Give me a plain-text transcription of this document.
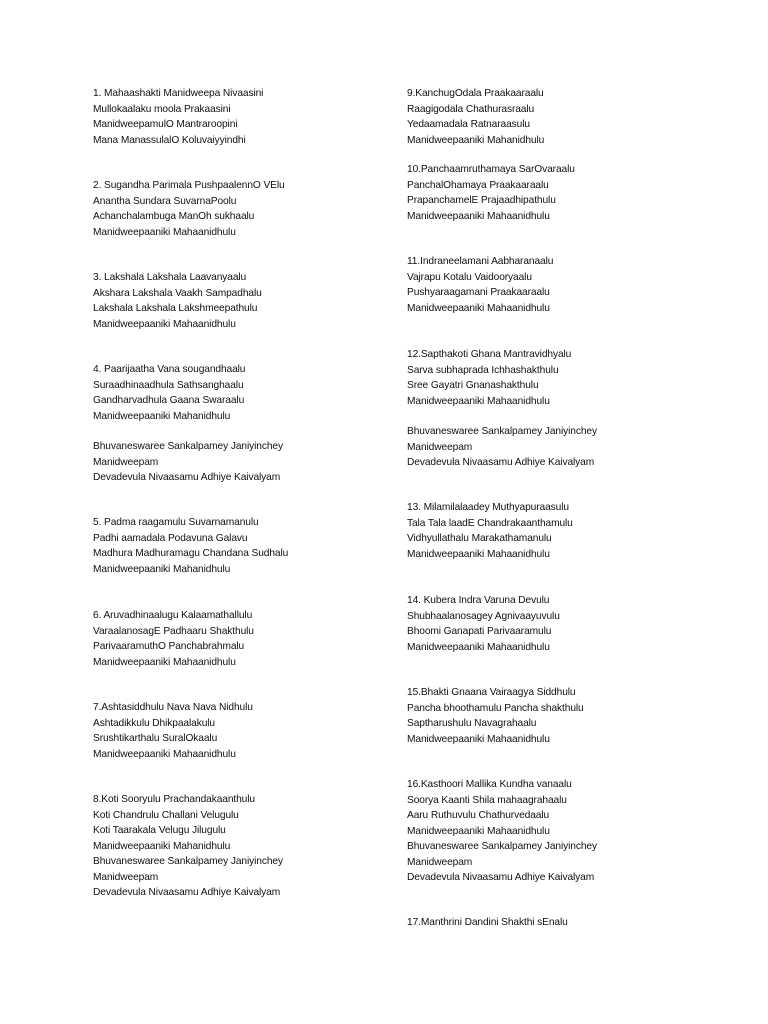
1. Mahaashakti Manidweepa Nivaasini
Mullokaalaku moola Prakaasini
ManidweepamulO Mantraroopini
Mana ManassulalO Koluvaiyyindhi
2. Sugandha Parimala PushpaalennO VElu
Anantha Sundara SuvarnaPoolu
Achanchalambuga ManOh sukhaalu
Manidweepaaniki Mahaanidhulu
3. Lakshala Lakshala Laavanyaalu
Akshara Lakshala Vaakh Sampadhalu
Lakshala Lakshala Lakshmeepathulu
Manidweepaaniki Mahaanidhulu
4. Paarijaatha Vana sougandhaalu
Suraadhinaadhula Sathsanghaalu
Gandharvadhula Gaana Swaraalu
Manidweepaaniki Mahanidhulu
Bhuvaneswaree Sankalpamey Janiyinchey
Manidweepam
Devadevula Nivaasamu Adhiye Kaivalyam
5. Padma raagamulu Suvarnamanulu
Padhi aamadala Podavuna Galavu
Madhura Madhuramagu Chandana Sudhalu
Manidweepaaniki Mahanidhulu
6. Aruvadhinaalugu Kalaamathallulu
VaraalanosagE Padhaaru Shakthulu
ParivaaramuthO Panchabrahmalu
Manidweepaaniki Mahaanidhulu
7.Ashtasiddhulu Nava Nava Nidhulu
Ashtadikkulu Dhikpaalakulu
Srushtikarthalu SuralOkaalu
Manidweepaaniki Mahaanidhulu
8.Koti Sooryulu Prachandakaanthulu
Koti Chandrulu Challani Velugulu
Koti Taarakala Velugu Jilugulu
Manidweepaaniki Mahanidhulu
Bhuvaneswaree Sankalpamey Janiyinchey
Manidweepam
Devadevula Nivaasamu Adhiye Kaivalyam
9.KanchugOdala Praakaaraalu
Raagigodala Chathurasraalu
Yedaamadala Ratnaraasulu
Manidweepaaniki Mahanidhulu
10.Panchaamruthamaya SarOvaraalu
PanchalOhamaya Praakaaraalu
PrapanchamelE Prajaadhipathulu
Manidweepaaniki Mahaanidhulu
11.Indraneelamani Aabharanaalu
Vajrapu Kotalu Vaidooryaalu
Pushyaraagamani Praakaaraalu
Manidweepaaniki Mahaanidhulu
12.Sapthakoti Ghana Mantravidhyalu
Sarva subhaprada Ichhashakthulu
Sree Gayatri Gnanashakthulu
Manidweepaaniki Mahaanidhulu
Bhuvaneswaree Sankalpamey Janiyinchey
Manidweepam
Devadevula Nivaasamu Adhiye Kaivalyam
13. Milamilalaadey Muthyapuraasulu
Tala Tala laadE Chandrakaanthamulu
Vidhyullathalu Marakathamanulu
Manidweepaaniki Mahaanidhulu
14. Kubera Indra Varuna Devulu
Shubhaalanosagey Agnivaayuvulu
Bhoomi Ganapati Parivaaramulu
Manidweepaaniki Mahaanidhulu
15.Bhakti Gnaana Vairaagya Siddhulu
Pancha bhoothamulu Pancha shakthulu
Saptharushulu Navagrahaalu
Manidweepaaniki Mahaanidhulu
16.Kasthoori Mallika Kundha vanaalu
Soorya Kaanti Shila mahaagrahaalu
Aaru Ruthuvulu Chathurvedaalu
Manidweepaaniki Mahaanidhulu
Bhuvaneswaree Sankalpamey Janiyinchey
Manidweepam
Devadevula Nivaasamu Adhiye Kaivalyam
17.Manthrini Dandini Shakthi sEnalu
